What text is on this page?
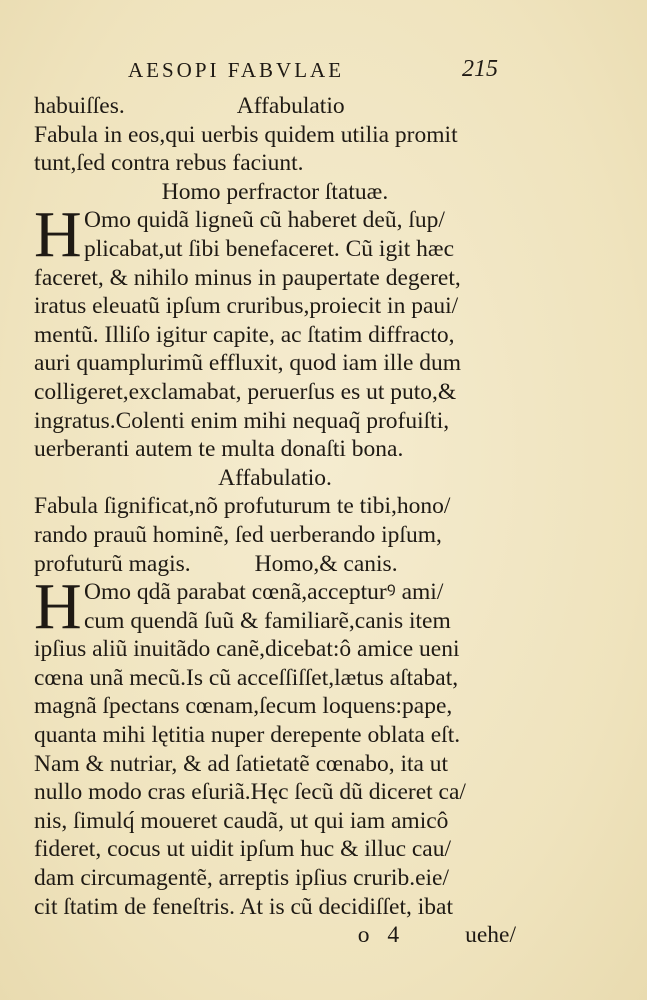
AESOPI FABVLAE	215
habuiſſes.	Affabulatio
Fabula in eos,qui uerbis quidem utilia promit
tunt,ſed contra rebus faciunt.
Homo perfractor ſtatuæ.
H Omo quidã ligneũ cũ haberet deũ, ſup/
plicabat,ut ſibi benefaceret. Cũ igit hæc
faceret, & nihilo minus in paupertate degeret,
iratus eleuatũ ipſum cruribus,proiecit in paui/
mentũ. Illiſo igitur capite, ac ſtatim diffracto,
auri quamplurimũ effluxit, quod iam ille dum
colligeret,exclamabat, peruerſus es ut puto,&
ingratus.Colenti enim mihi nequaq̃ profuiſti,
uerberanti autem te multa donaſti bona.
Affabulatio.
Fabula ſignificat,nõ profuturum te tibi,hono/
rando prauũ hominẽ, ſed uerberando ipſum,
profuturũ magis.	Homo,& canis.
H Omo qdã parabat cœnã,accepturꝰ ami/
cum quendã ſuũ & familiarẽ,canis item
ipſius aliũ inuitãdo canẽ,dicebat:ô amice ueni
cœna unã mecũ.Is cũ acceſſiſſet,lætus aſtabat,
magnã ſpectans cœnam,ſecum loquens:pape,
quanta mihi lętitia nuper derepente oblata eſt.
Nam & nutriar, & ad ſatietatẽ cœnabo, ita ut
nullo modo cras eſuriã.Hęc ſecũ dũ diceret ca/
nis, ſimulq́ moueret caudã, ut qui iam amicô
fideret, cocus ut uidit ipſum huc & illuc cau/
dam circumagentẽ, arreptis ipſius crurib.eie/
cit ſtatim de feneſtris. At is cũ decidiſſet, ibat
o 4	uehe/
